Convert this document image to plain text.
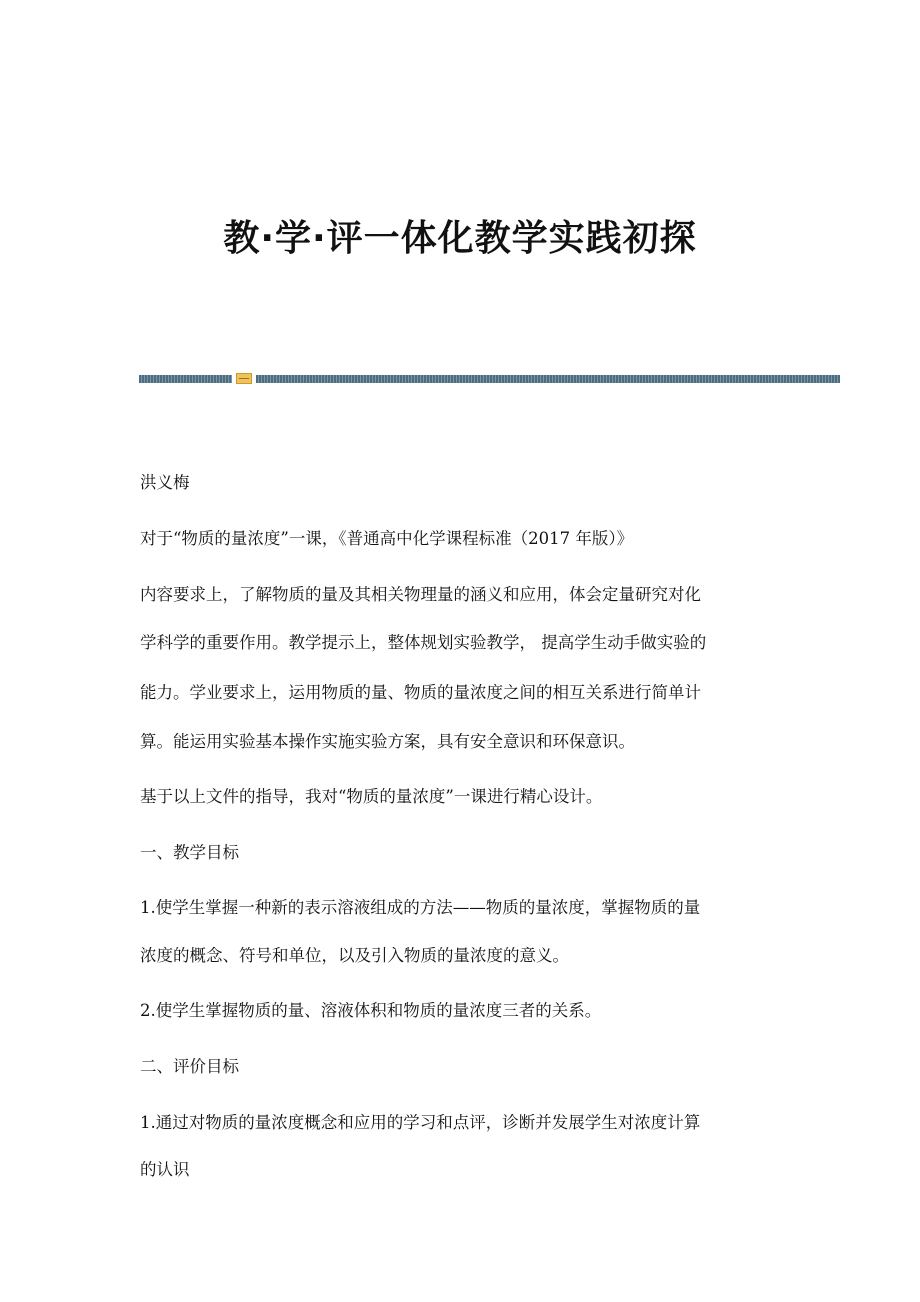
教·学·评一体化教学实践初探

洪义梅

对于“物质的量浓度”一课，《普通高中化学课程标准（2017 年版）》

内容要求上，了解物质的量及其相关物理量的涵义和应用，体会定量研究对化

学科学的重要作用。教学提示上，整体规划实验教学， 提高学生动手做实验的

能力。学业要求上，运用物质的量、物质的量浓度之间的相互关系进行简单计

算。能运用实验基本操作实施实验方案，具有安全意识和环保意识。

基于以上文件的指导，我对“物质的量浓度”一课进行精心设计。

一、教学目标

1.使学生掌握一种新的表示溶液组成的方法——物质的量浓度，掌握物质的量

浓度的概念、符号和单位，以及引入物质的量浓度的意义。

2.使学生掌握物质的量、溶液体积和物质的量浓度三者的关系。

二、评价目标

1.通过对物质的量浓度概念和应用的学习和点评，诊断并发展学生对浓度计算

的认识
